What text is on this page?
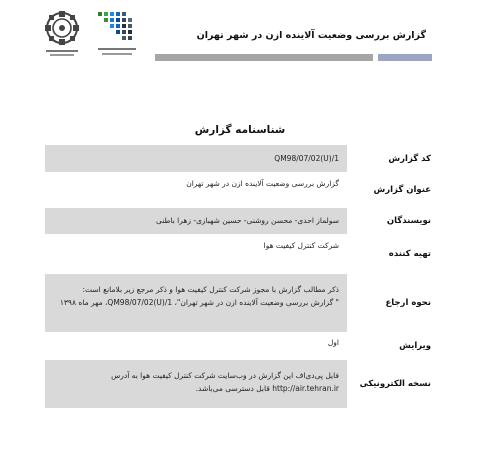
گزارش بررسی وضعیت آلاینده ازن در شهر تهران
شناسنامه گزارش
کد گزارش
QM98/07/02(U)/1
عنوان گزارش
گزارش بررسی وضعیت آلاینده ازن در شهر تهران
نویسندگان
سولماز احدی- محسن روشنی- حسین شهبازی- زهرا باطنی
تهیه کننده
شرکت کنترل کیفیت هوا
نحوه ارجاع
ذکر مطالب گزارش با مجوز شرکت کنترل کیفیت هوا و ذکر مرجع زیر بلامانع است:
" گزارش بررسی وضعیت آلاینده ازن در شهر تهران"، QM98/07/02(U)/1، مهر ماه ۱۳۹۸
ویرایش
اول
نسخه الکترونیکی
فایل پی‌دی‌اف این گزارش در وب‌سایت شرکت کنترل کیفیت هوا به آدرس
http://air.tehran.ir قابل دسترسی می‌باشد.
